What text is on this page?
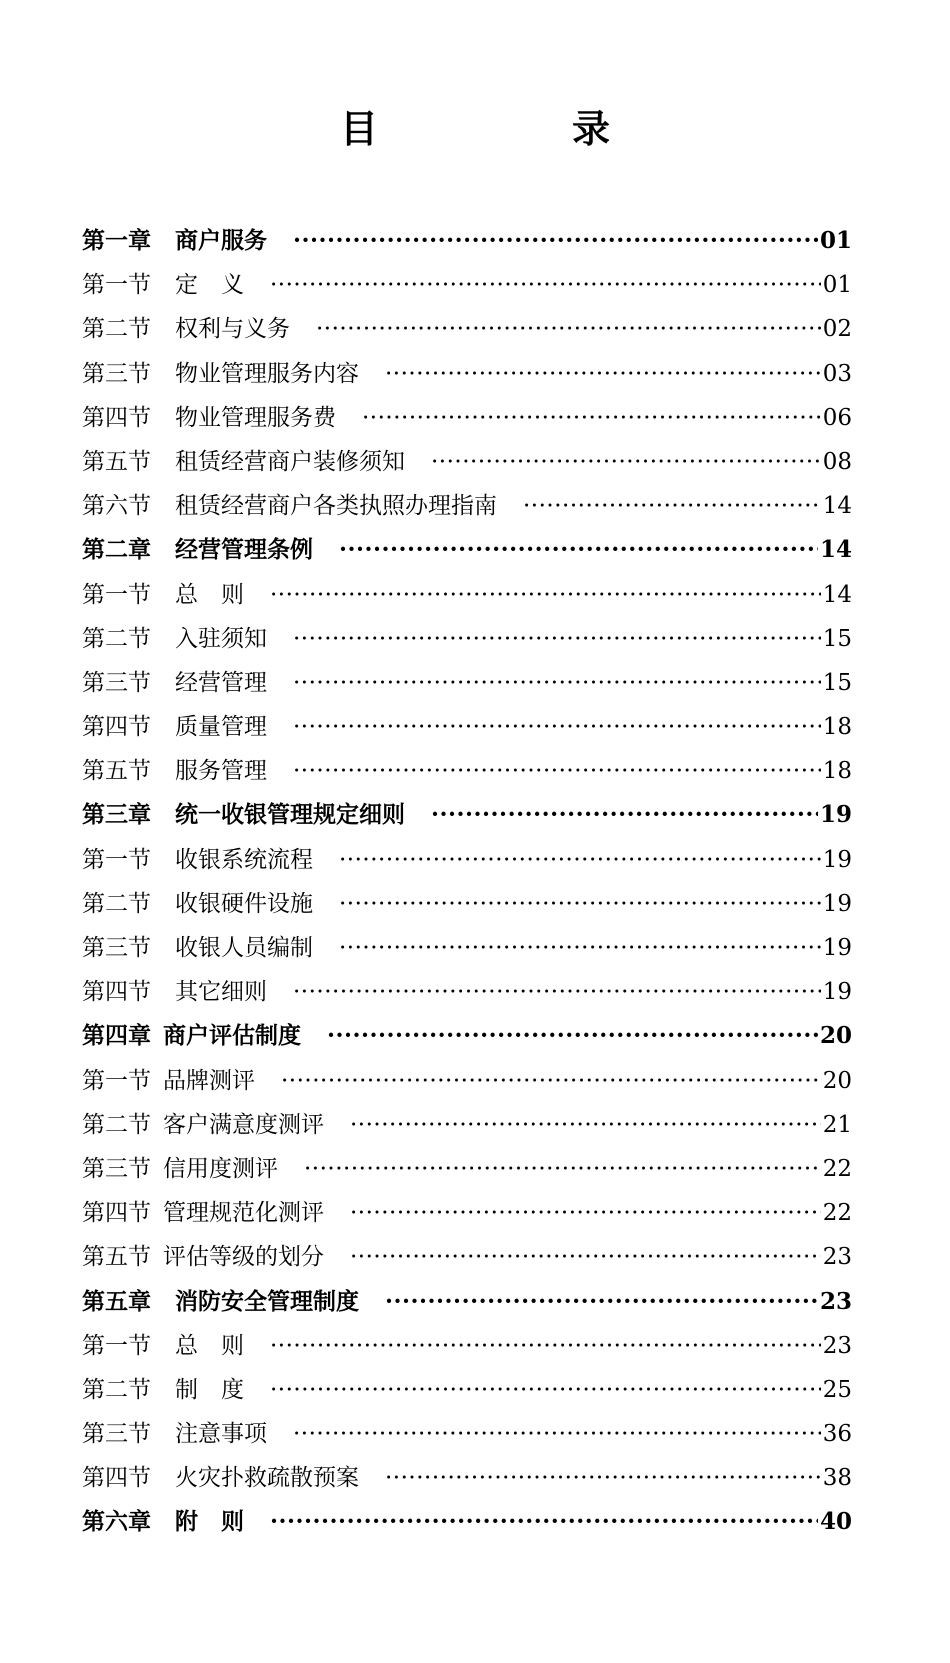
目　录
第一章 商户服务 ·····	01
第一节 定　义 ·····	01
第二节 权利与义务 ·····	02
第三节 物业管理服务内容 ·····	03
第四节 物业管理服务费 ·····	06
第五节 租赁经营商户装修须知 ·····	08
第六节 租赁经营商户各类执照办理指南 ·····	14
第二章 经营管理条例 ·····	14
第一节 总　则 ·····	14
第二节 入驻须知 ·····	15
第三节 经营管理 ·····	15
第四节 质量管理 ·····	18
第五节 服务管理 ·····	18
第三章 统一收银管理规定细则 ·····	19
第一节 收银系统流程 ·····	19
第二节 收银硬件设施 ·····	19
第三节 收银人员编制 ·····	19
第四节 其它细则 ·····	19
第四章 商户评估制度 ·····	20
第一节 品牌测评 ·····	20
第二节 客户满意度测评 ·····	21
第三节 信用度测评 ·····	22
第四节 管理规范化测评 ·····	22
第五节 评估等级的划分 ·····	23
第五章 消防安全管理制度 ·····	23
第一节 总　则 ·····	23
第二节 制　度 ·····	25
第三节 注意事项 ·····	36
第四节 火灾扑救疏散预案 ·····	38
第六章 附　则 ·····	40
